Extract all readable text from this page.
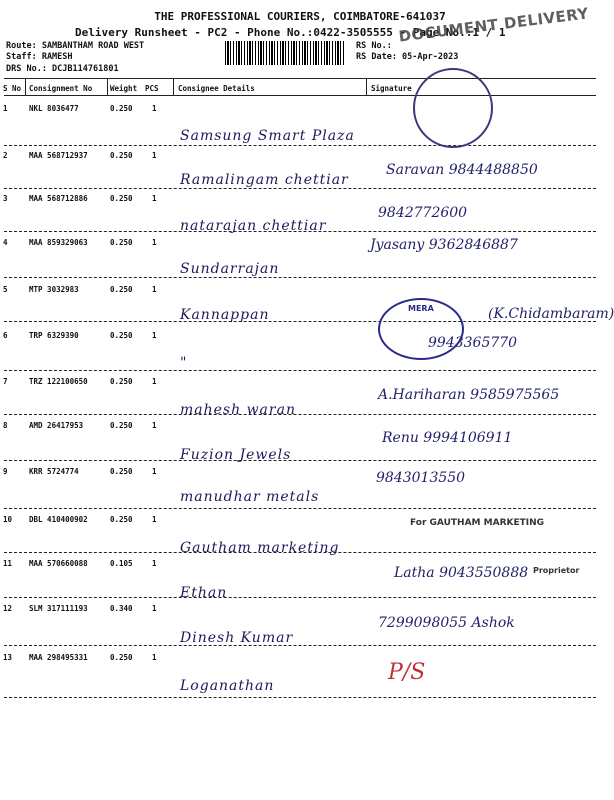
THE PROFESSIONAL COURIERS, COIMBATORE-641037
Delivery Runsheet - PC2 - Phone No.:0422-3505555 - Page No.:1 / 1
DOCUMENT DELIVERY
Route: SAMBANTHAM ROAD WEST
Staff: RAMESH
DRS No.: DCJB114761801
RS No.:
RS Date: 05-Apr-2023
S No Consignment No Weight PCS	Consignee Details	Signature
1	NKL 8036477	0.250	1
Samsung Smart Plaza
2	MAA 568712937	0.250	1
Ramalingam chettiar
Saravan 9844488850
3	MAA 568712886	0.250	1
natarajan chettiar
9842772600
4	MAA 859329063	0.250	1
Sundarrajan
Jyasany 9362846887
5	MTP 3032983	0.250	1
Kannappan	(K.Chidambaram)
6	TRP 6329390	0.250	1
"
9943365770
7	TRZ 122100650	0.250	1
mahesh waran
A.Hariharan 9585975565
8	AMD 26417953	0.250	1
Fuzion Jewels
Renu 9994106911
9	KRR 5724774	0.250	1
manudhar metals
9843013550
10 DBL 410400902	0.250	1
Gautham marketing
11 MAA 570660088	0.105	1
Ethan
Latha 9043550888
12 SLM 317111193	0.340	1
Dinesh Kumar
7299098055 Ashok
13 MAA 298495331	0.250	1
Loganathan
P/S
MERA
For GAUTHAM MARKETING
Proprietor
